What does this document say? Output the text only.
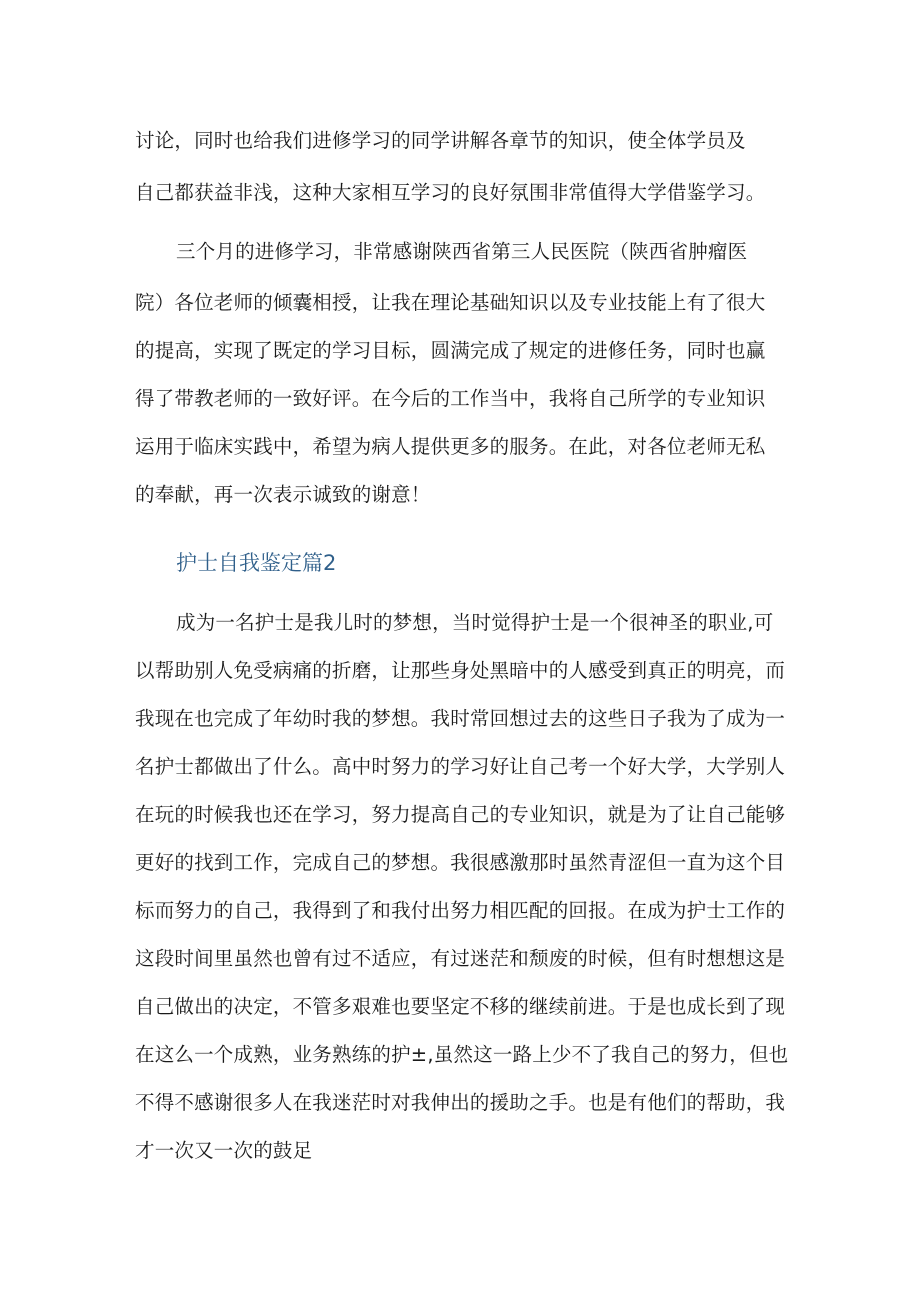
讨论，同时也给我们进修学习的同学讲解各章节的知识，使全体学员及
自己都获益非浅，这种大家相互学习的良好氛围非常值得大学借鉴学习。
三个月的进修学习，非常感谢陕西省第三人民医院（陕西省肿瘤医
院）各位老师的倾囊相授，让我在理论基础知识以及专业技能上有了很大
的提高，实现了既定的学习目标，圆满完成了规定的进修任务，同时也赢
得了带教老师的一致好评。在今后的工作当中，我将自己所学的专业知识
运用于临床实践中，希望为病人提供更多的服务。在此，对各位老师无私
的奉献，再一次表示诚致的谢意！
护士自我鉴定篇2
成为一名护士是我儿时的梦想，当时觉得护士是一个很神圣的职业,可
以帮助别人免受病痛的折磨，让那些身处黑暗中的人感受到真正的明亮，而
我现在也完成了年幼时我的梦想。我时常回想过去的这些日子我为了成为一
名护士都做出了什么。高中时努力的学习好让自己考一个好大学，大学别人
在玩的时候我也还在学习，努力提高自己的专业知识，就是为了让自己能够
更好的找到工作，完成自己的梦想。我很感激那时虽然青涩但一直为这个目
标而努力的自己，我得到了和我付出努力相匹配的回报。在成为护士工作的
这段时间里虽然也曾有过不适应，有过迷茫和颓废的时候，但有时想想这是
自己做出的决定，不管多艰难也要坚定不移的继续前进。于是也成长到了现
在这么一个成熟，业务熟练的护±,虽然这一路上少不了我自己的努力，但也
不得不感谢很多人在我迷茫时对我伸出的援助之手。也是有他们的帮助，我
才一次又一次的鼓足
